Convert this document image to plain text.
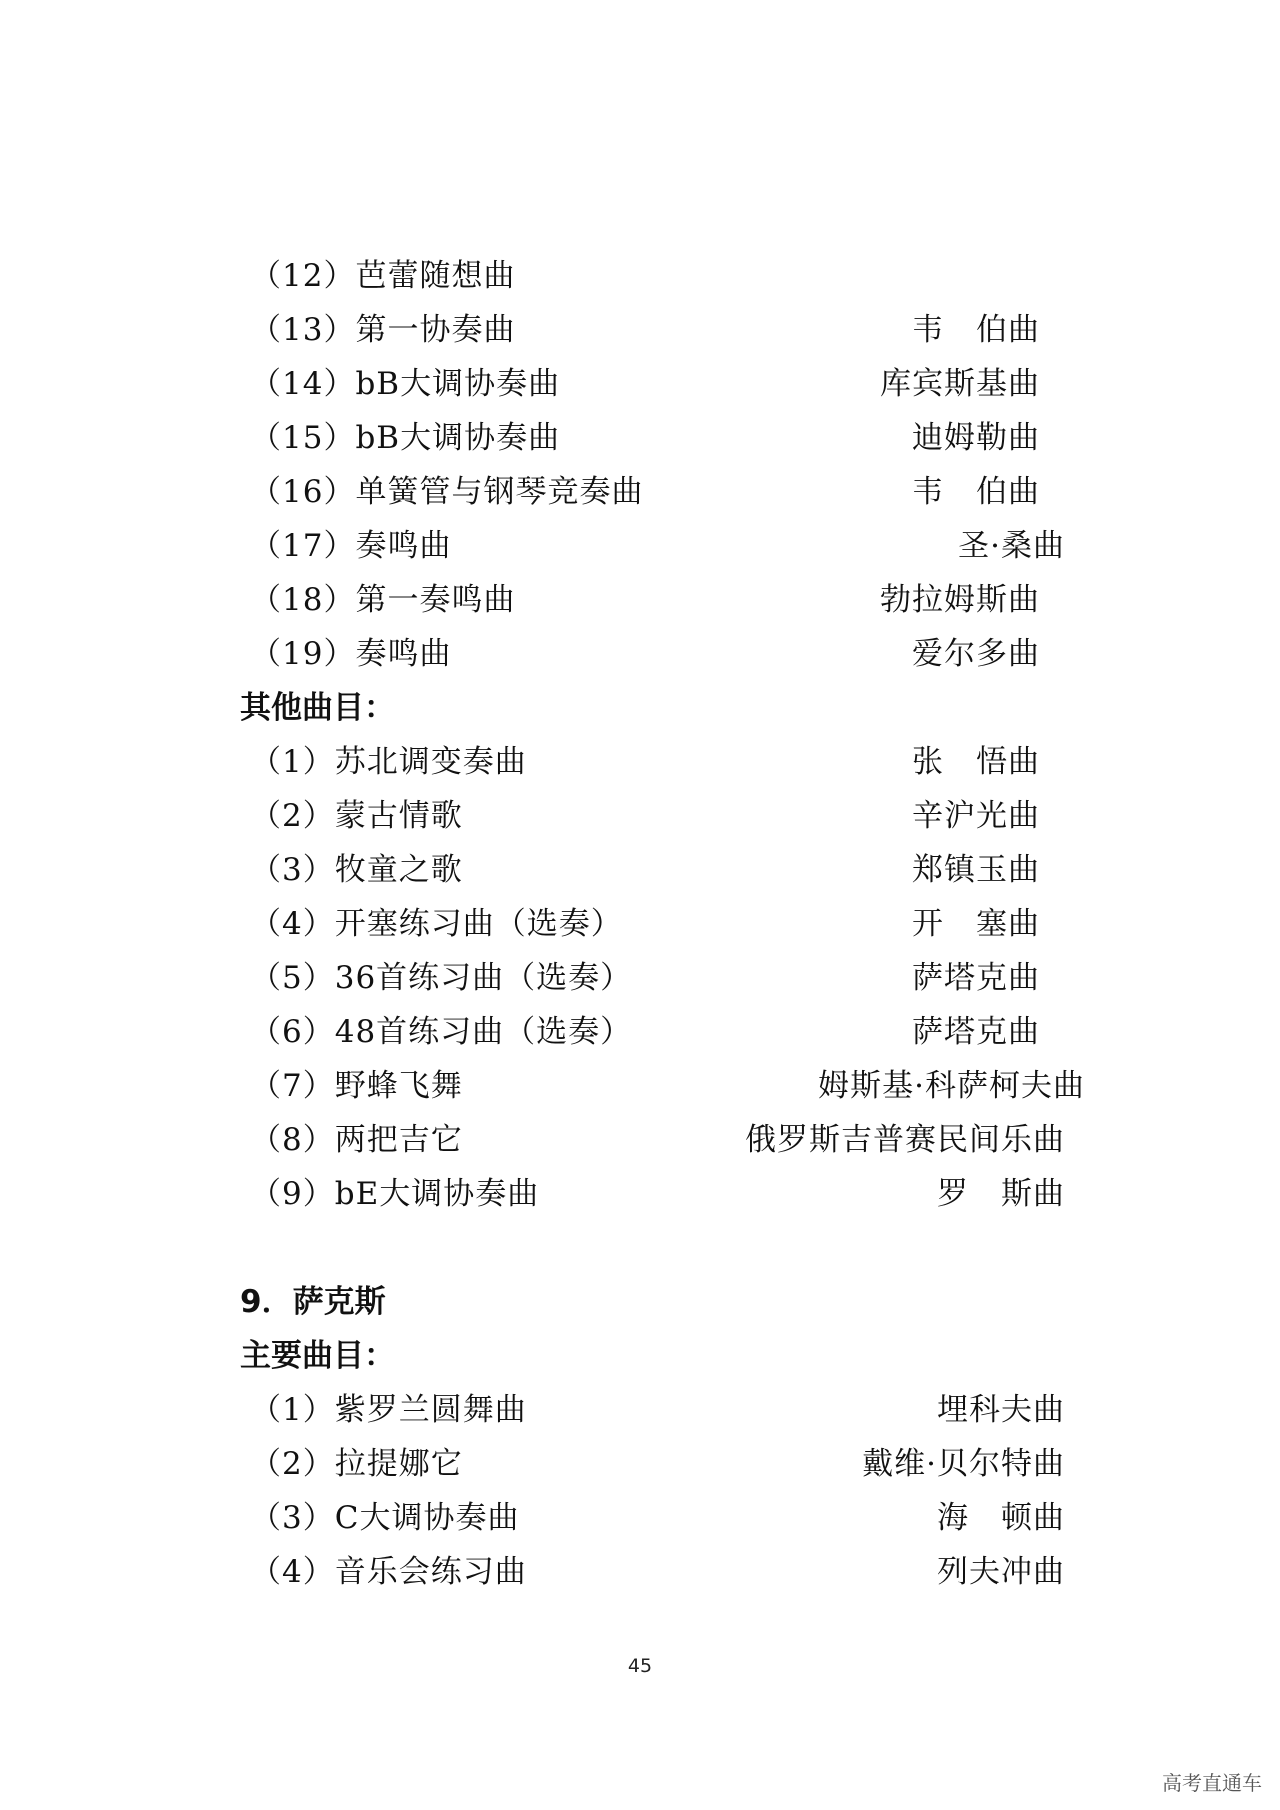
（12）芭蕾随想曲
（13）第一协奏曲	韦　伯曲
（14）bB大调协奏曲	库宾斯基曲
（15）bB大调协奏曲	迪姆勒曲
（16）单簧管与钢琴竞奏曲	韦　伯曲
（17）奏鸣曲	圣·桑曲
（18）第一奏鸣曲	勃拉姆斯曲
（19）奏鸣曲	爱尔多曲
其他曲目：
（1）苏北调变奏曲	张　悟曲
（2）蒙古情歌	辛沪光曲
（3）牧童之歌	郑镇玉曲
（4）开塞练习曲（选奏）	开　塞曲
（5）36首练习曲（选奏）	萨塔克曲
（6）48首练习曲（选奏）	萨塔克曲
（7）野蜂飞舞	姆斯基·科萨柯夫曲
（8）两把吉它	俄罗斯吉普赛民间乐曲
（9）bE大调协奏曲	罗　斯曲
9．萨克斯
主要曲目：
（1）紫罗兰圆舞曲	埋科夫曲
（2）拉提娜它	戴维·贝尔特曲
（3）C大调协奏曲	海　顿曲
（4）音乐会练习曲	列夫冲曲
45
高考直通车
